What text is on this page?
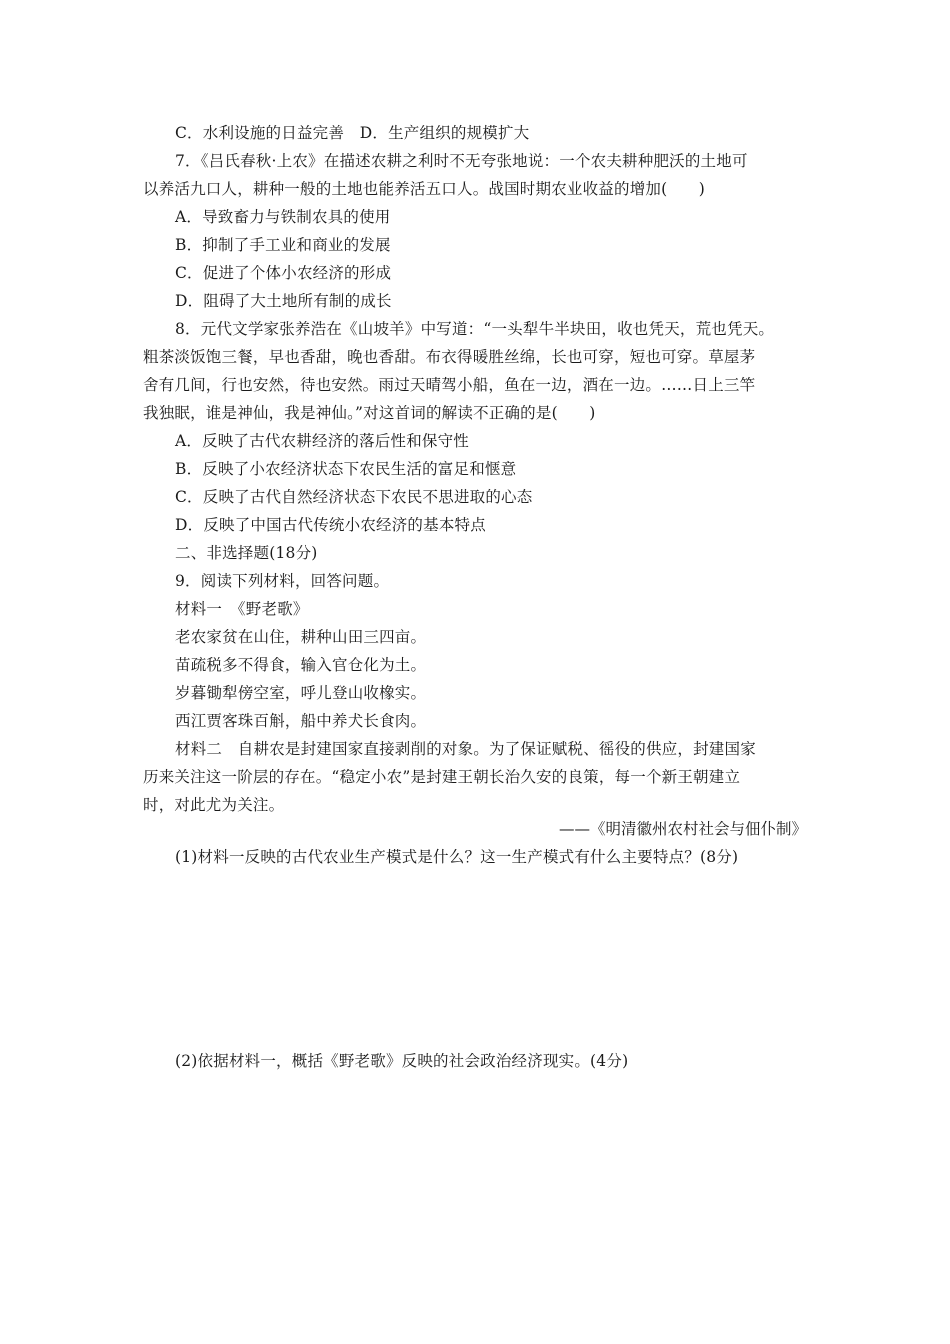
C．水利设施的日益完善　D．生产组织的规模扩大
7．《吕氏春秋·上农》在描述农耕之利时不无夸张地说：一个农夫耕种肥沃的土地可
以养活九口人，耕种一般的土地也能养活五口人。战国时期农业收益的增加(　　)
A．导致畜力与铁制农具的使用
B．抑制了手工业和商业的发展
C．促进了个体小农经济的形成
D．阻碍了大土地所有制的成长
8．元代文学家张养浩在《山坡羊》中写道：“一头犁牛半块田，收也凭天，荒也凭天。
粗茶淡饭饱三餐，早也香甜，晚也香甜。布衣得暖胜丝绵，长也可穿，短也可穿。草屋茅
舍有几间，行也安然，待也安然。雨过天晴驾小船，鱼在一边，酒在一边。……日上三竿
我独眠，谁是神仙，我是神仙。”对这首词的解读不正确的是(　　)
A．反映了古代农耕经济的落后性和保守性
B．反映了小农经济状态下农民生活的富足和惬意
C．反映了古代自然经济状态下农民不思进取的心态
D．反映了中国古代传统小农经济的基本特点
二、非选择题(18分)
9．阅读下列材料，回答问题。
材料一　《野老歌》
老农家贫在山住，耕种山田三四亩。
苗疏税多不得食，输入官仓化为土。
岁暮锄犁傍空室，呼儿登山收橡实。
西江贾客珠百斛，船中养犬长食肉。
材料二　自耕农是封建国家直接剥削的对象。为了保证赋税、徭役的供应，封建国家
历来关注这一阶层的存在。“稳定小农”是封建王朝长治久安的良策，每一个新王朝建立
时，对此尤为关注。
——《明清徽州农村社会与佃仆制》
(1)材料一反映的古代农业生产模式是什么？这一生产模式有什么主要特点？(8分)
(2)依据材料一，概括《野老歌》反映的社会政治经济现实。(4分)
